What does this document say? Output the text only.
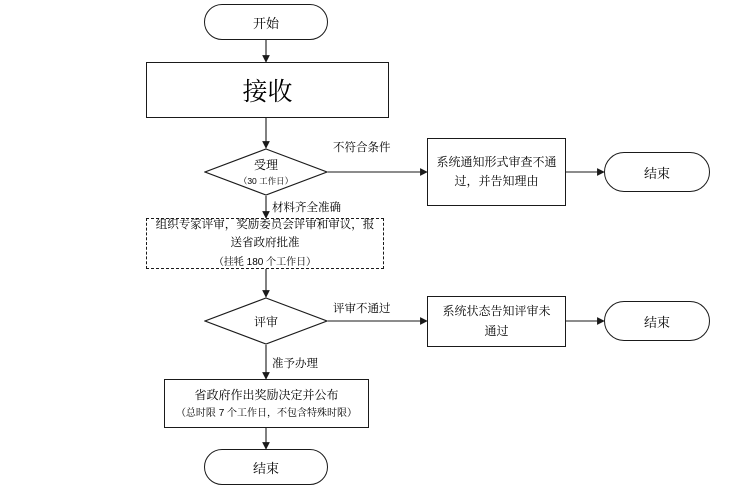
开始
接收
受理
（30 工作日）
不符合条件
系统通知形式审查不通过，并告知理由
结束
材料齐全准确
组织专家评审，奖励委员会评审和审议，报送省政府批准
（挂牦 180 个工作日）
评审
评审不通过	系统状态告知评审未通过
结束
准予办理
省政府作出奖励决定并公布
（总时限 7 个工作日，不包含特殊时限）
结束
